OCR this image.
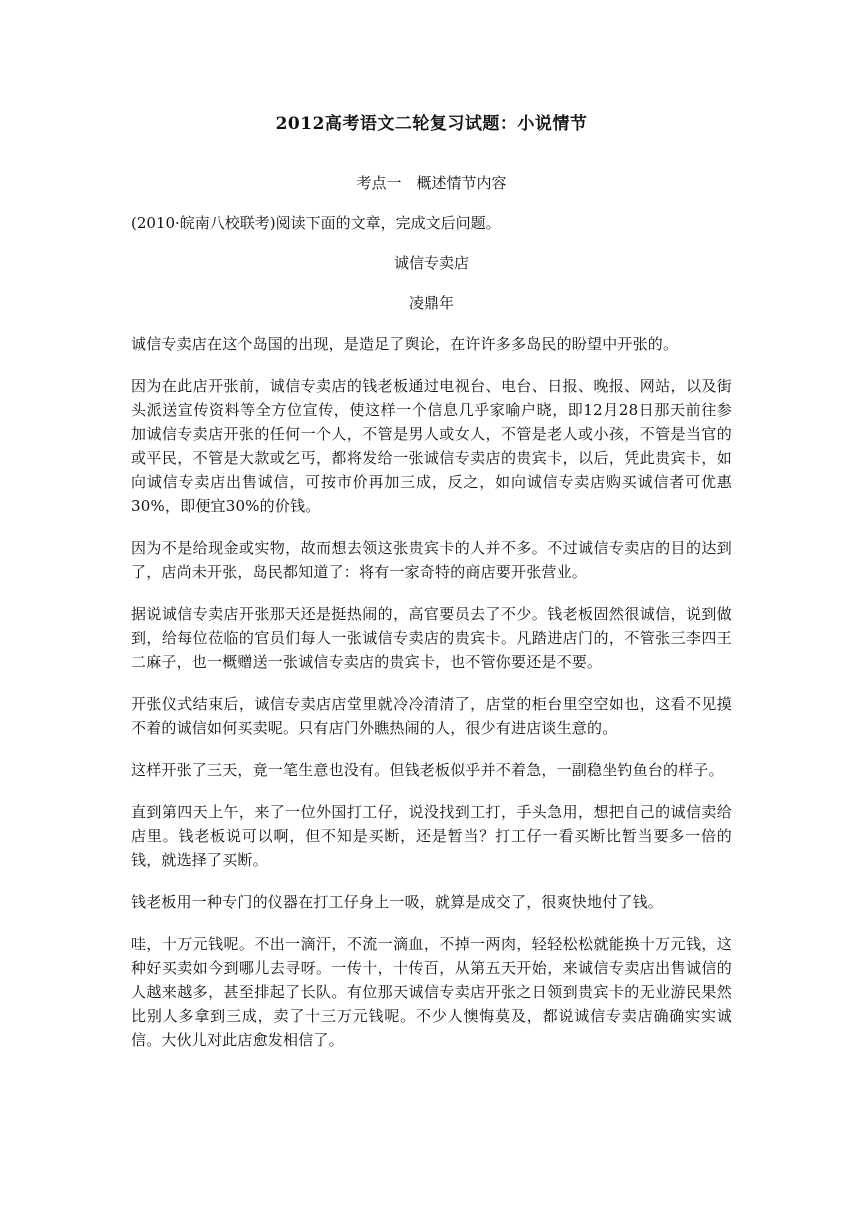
2012高考语文二轮复习试题：小说情节

考点一　概述情节内容

(2010·皖南八校联考)阅读下面的文章，完成文后问题。

诚信专卖店

凌鼎年

诚信专卖店在这个岛国的出现，是造足了舆论，在许许多多岛民的盼望中开张的。

因为在此店开张前，诚信专卖店的钱老板通过电视台、电台、日报、晚报、网站，以及街头派送宣传资料等全方位宣传，使这样一个信息几乎家喻户晓，即12月28日那天前往参加诚信专卖店开张的任何一个人，不管是男人或女人，不管是老人或小孩，不管是当官的或平民，不管是大款或乞丐，都将发给一张诚信专卖店的贵宾卡，以后，凭此贵宾卡，如向诚信专卖店出售诚信，可按市价再加三成，反之，如向诚信专卖店购买诚信者可优惠30%，即便宜30%的价钱。

因为不是给现金或实物，故而想去领这张贵宾卡的人并不多。不过诚信专卖店的目的达到了，店尚未开张，岛民都知道了：将有一家奇特的商店要开张营业。

据说诚信专卖店开张那天还是挺热闹的，高官要员去了不少。钱老板固然很诚信，说到做到，给每位莅临的官员们每人一张诚信专卖店的贵宾卡。凡踏进店门的，不管张三李四王二麻子，也一概赠送一张诚信专卖店的贵宾卡，也不管你要还是不要。

开张仪式结束后，诚信专卖店店堂里就冷冷清清了，店堂的柜台里空空如也，这看不见摸不着的诚信如何买卖呢。只有店门外瞧热闹的人，很少有进店谈生意的。

这样开张了三天，竟一笔生意也没有。但钱老板似乎并不着急，一副稳坐钓鱼台的样子。

直到第四天上午，来了一位外国打工仔，说没找到工打，手头急用，想把自己的诚信卖给店里。钱老板说可以啊，但不知是买断，还是暂当？打工仔一看买断比暂当要多一倍的钱，就选择了买断。

钱老板用一种专门的仪器在打工仔身上一吸，就算是成交了，很爽快地付了钱。

哇，十万元钱呢。不出一滴汗，不流一滴血，不掉一两肉，轻轻松松就能换十万元钱，这种好买卖如今到哪儿去寻呀。一传十，十传百，从第五天开始，来诚信专卖店出售诚信的人越来越多，甚至排起了长队。有位那天诚信专卖店开张之日领到贵宾卡的无业游民果然比别人多拿到三成，卖了十三万元钱呢。不少人懊悔莫及，都说诚信专卖店确确实实诚信。大伙儿对此店愈发相信了。
